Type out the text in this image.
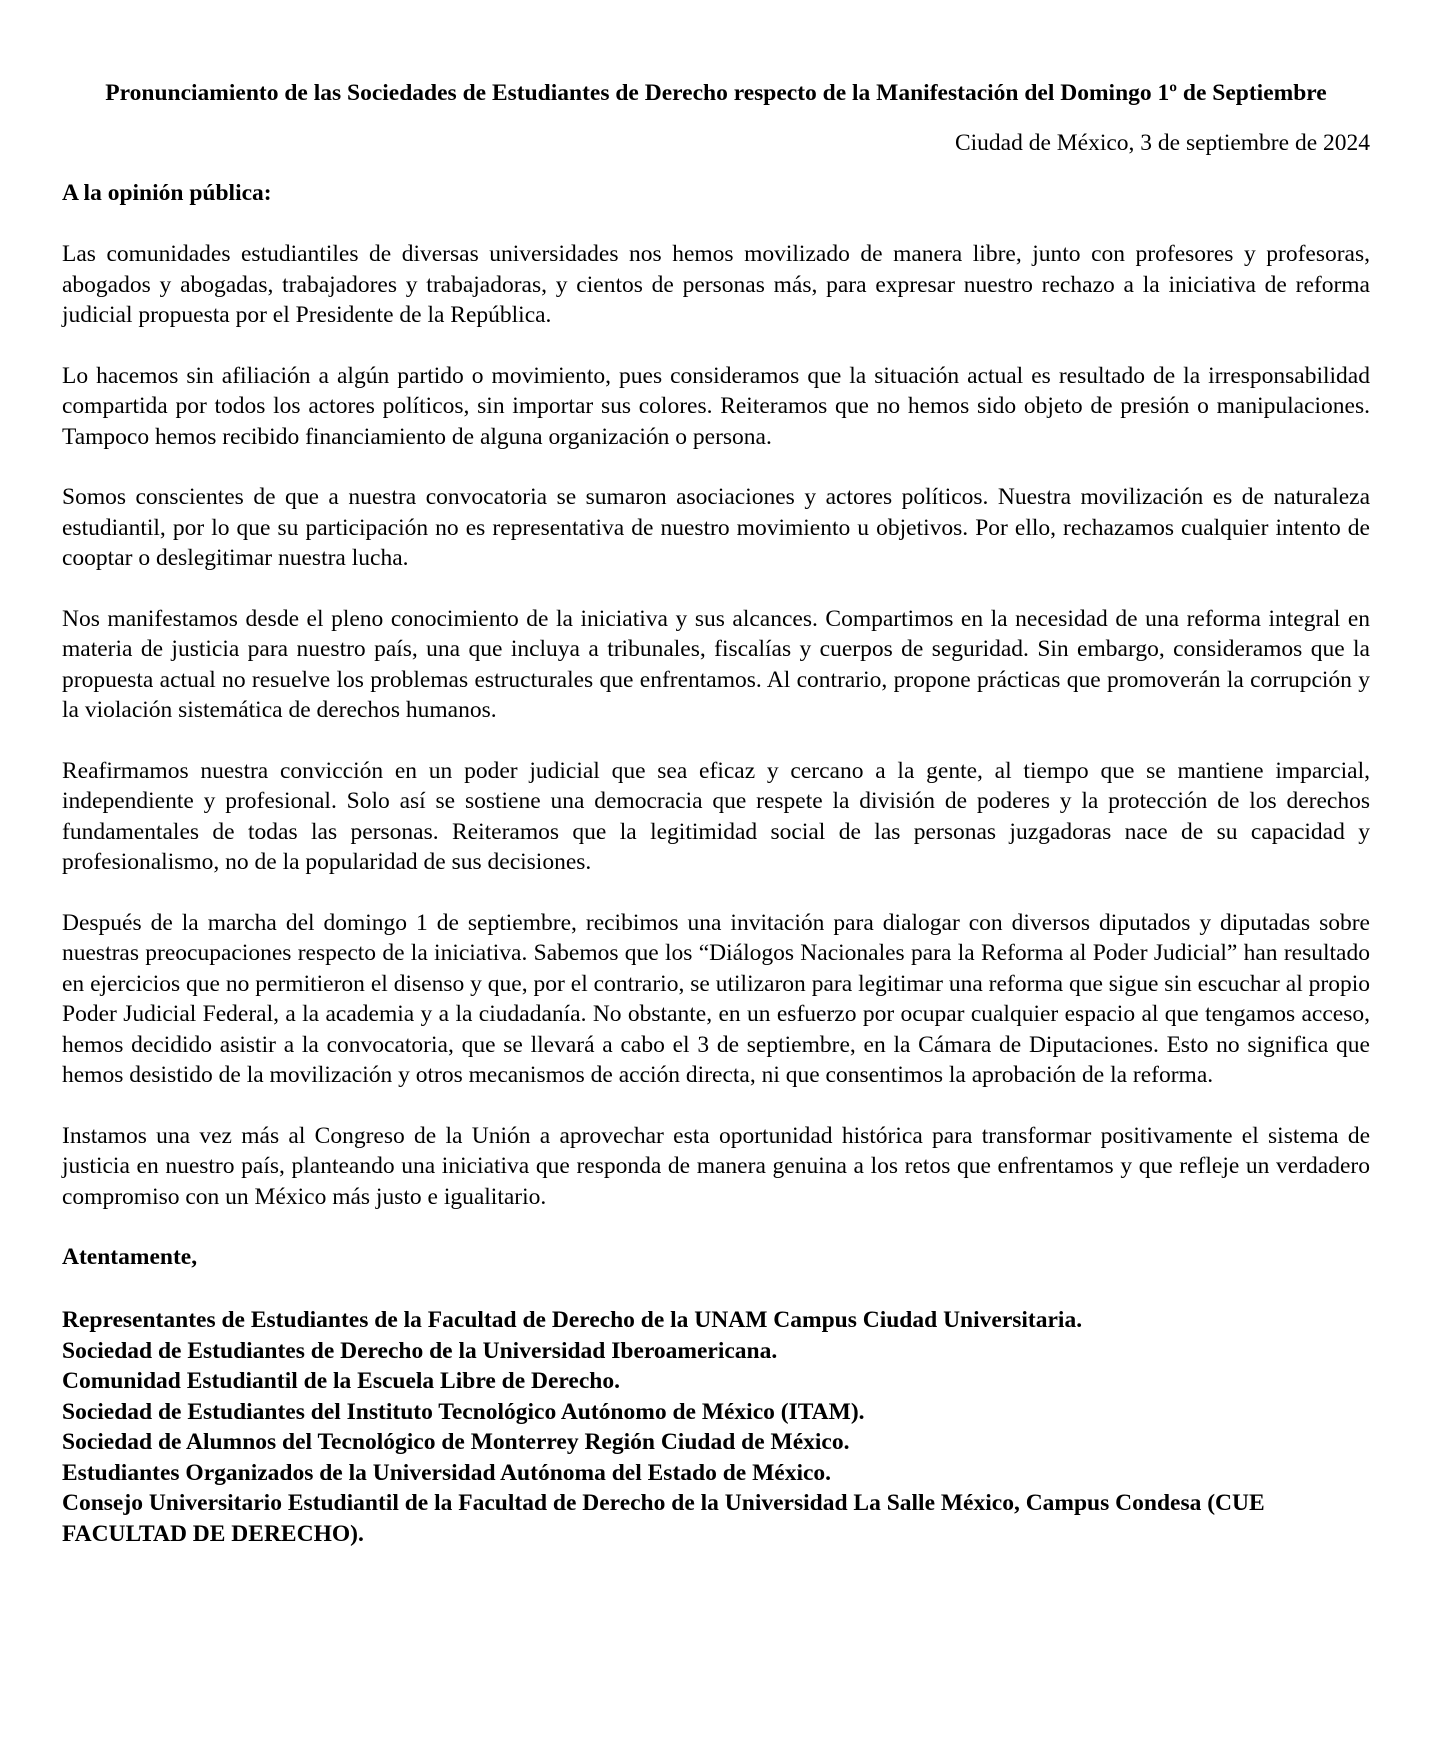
Pronunciamiento de las Sociedades de Estudiantes de Derecho respecto de la Manifestación del Domingo 1º de Septiembre

Ciudad de México, 3 de septiembre de 2024

A la opinión pública:

Las comunidades estudiantiles de diversas universidades nos hemos movilizado de manera libre, junto con profesores y profesoras, abogados y abogadas, trabajadores y trabajadoras, y cientos de personas más, para expresar nuestro rechazo a la iniciativa de reforma judicial propuesta por el Presidente de la República.

Lo hacemos sin afiliación a algún partido o movimiento, pues consideramos que la situación actual es resultado de la irresponsabilidad compartida por todos los actores políticos, sin importar sus colores. Reiteramos que no hemos sido objeto de presión o manipulaciones. Tampoco hemos recibido financiamiento de alguna organización o persona.

Somos conscientes de que a nuestra convocatoria se sumaron asociaciones y actores políticos. Nuestra movilización es de naturaleza estudiantil, por lo que su participación no es representativa de nuestro movimiento u objetivos. Por ello, rechazamos cualquier intento de cooptar o deslegitimar nuestra lucha.

Nos manifestamos desde el pleno conocimiento de la iniciativa y sus alcances. Compartimos en la necesidad de una reforma integral en materia de justicia para nuestro país, una que incluya a tribunales, fiscalías y cuerpos de seguridad. Sin embargo, consideramos que la propuesta actual no resuelve los problemas estructurales que enfrentamos. Al contrario, propone prácticas que promoverán la corrupción y la violación sistemática de derechos humanos.

Reafirmamos nuestra convicción en un poder judicial que sea eficaz y cercano a la gente, al tiempo que se mantiene imparcial, independiente y profesional. Solo así se sostiene una democracia que respete la división de poderes y la protección de los derechos fundamentales de todas las personas. Reiteramos que la legitimidad social de las personas juzgadoras nace de su capacidad y profesionalismo, no de la popularidad de sus decisiones.

Después de la marcha del domingo 1 de septiembre, recibimos una invitación para dialogar con diversos diputados y diputadas sobre nuestras preocupaciones respecto de la iniciativa. Sabemos que los “Diálogos Nacionales para la Reforma al Poder Judicial” han resultado en ejercicios que no permitieron el disenso y que, por el contrario, se utilizaron para legitimar una reforma que sigue sin escuchar al propio Poder Judicial Federal, a la academia y a la ciudadanía. No obstante, en un esfuerzo por ocupar cualquier espacio al que tengamos acceso, hemos decidido asistir a la convocatoria, que se llevará a cabo el 3 de septiembre, en la Cámara de Diputaciones. Esto no significa que hemos desistido de la movilización y otros mecanismos de acción directa, ni que consentimos la aprobación de la reforma.

Instamos una vez más al Congreso de la Unión a aprovechar esta oportunidad histórica para transformar positivamente el sistema de justicia en nuestro país, planteando una iniciativa que responda de manera genuina a los retos que enfrentamos y que refleje un verdadero compromiso con un México más justo e igualitario.

Atentamente,

Representantes de Estudiantes de la Facultad de Derecho de la UNAM Campus Ciudad Universitaria.
Sociedad de Estudiantes de Derecho de la Universidad Iberoamericana.
Comunidad Estudiantil de la Escuela Libre de Derecho.
Sociedad de Estudiantes del Instituto Tecnológico Autónomo de México (ITAM).
Sociedad de Alumnos del Tecnológico de Monterrey Región Ciudad de México.
Estudiantes Organizados de la Universidad Autónoma del Estado de México.
Consejo Universitario Estudiantil de la Facultad de Derecho de la Universidad La Salle México, Campus Condesa (CUE FACULTAD DE DERECHO).
